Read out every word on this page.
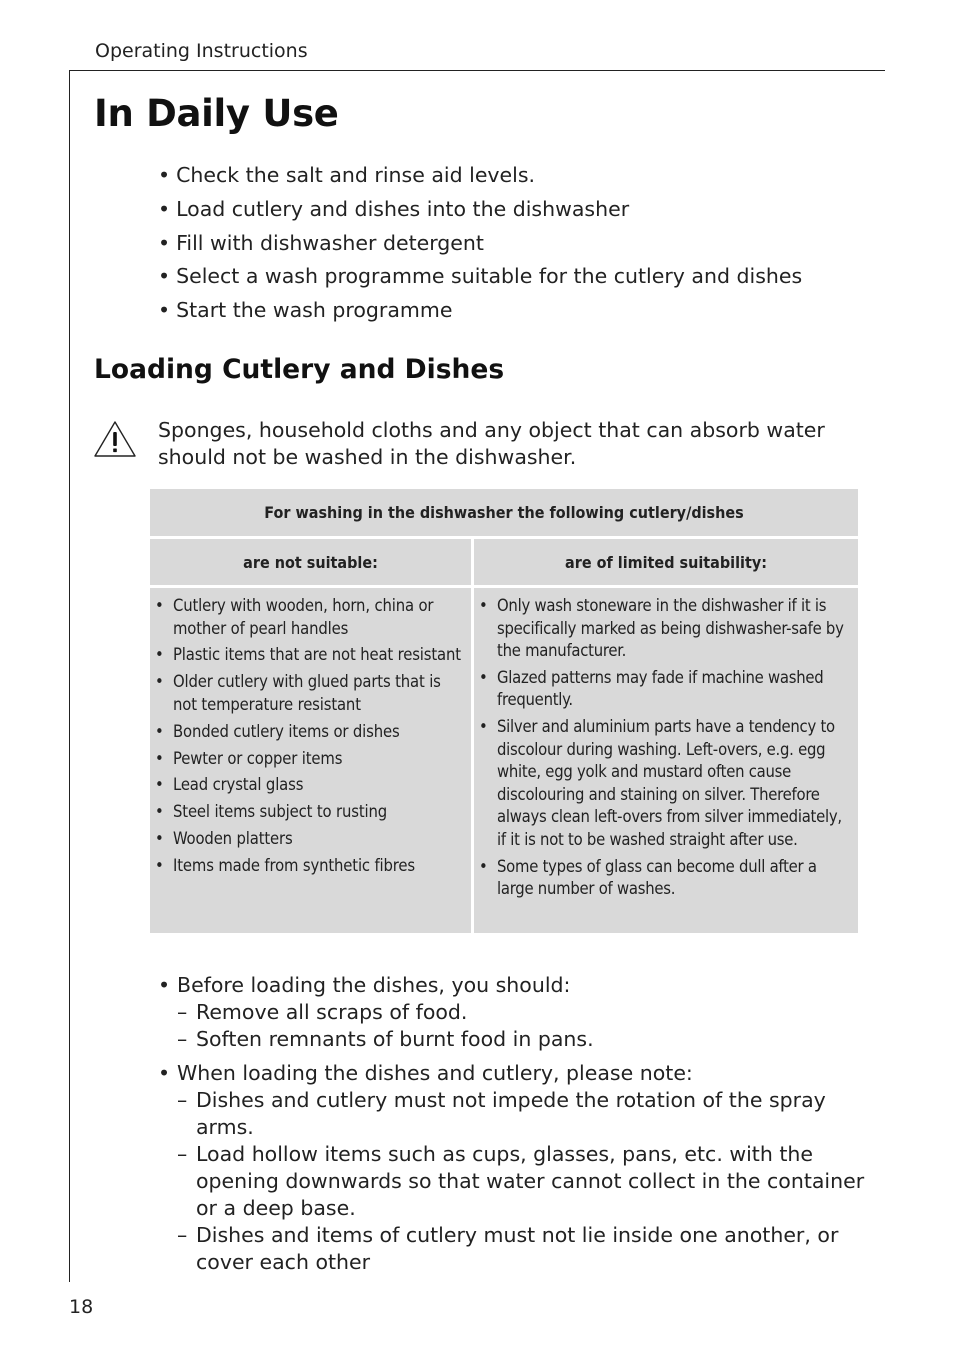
Operating Instructions
In Daily Use
• Check the salt and rinse aid levels.
• Load cutlery and dishes into the dishwasher
• Fill with dishwasher detergent
• Select a wash programme suitable for the cutlery and dishes
• Start the wash programme
Loading Cutlery and Dishes
Sponges, household cloths and any object that can absorb water should not be washed in the dishwasher.
For washing in the dishwasher the following cutlery/dishes
are not suitable:	are of limited suitability:
• Cutlery with wooden, horn, china or mother of pearl handles
• Plastic items that are not heat resistant
• Older cutlery with glued parts that is not temperature resistant
• Bonded cutlery items or dishes
• Pewter or copper items
• Lead crystal glass
• Steel items subject to rusting
• Wooden platters
• Items made from synthetic fibres
• Only wash stoneware in the dishwasher if it is specifically marked as being dishwasher-safe by the manufacturer.
• Glazed patterns may fade if machine washed frequently.
• Silver and aluminium parts have a tendency to discolour during washing. Left-overs, e.g. egg white, egg yolk and mustard often cause discolouring and staining on silver. Therefore always clean left-overs from silver immediately, if it is not to be washed straight after use.
• Some types of glass can become dull after a large number of washes.
• Before loading the dishes, you should:
– Remove all scraps of food.
– Soften remnants of burnt food in pans.
• When loading the dishes and cutlery, please note:
– Dishes and cutlery must not impede the rotation of the spray arms.
– Load hollow items such as cups, glasses, pans, etc. with the opening downwards so that water cannot collect in the container or a deep base.
– Dishes and items of cutlery must not lie inside one another, or cover each other
18
